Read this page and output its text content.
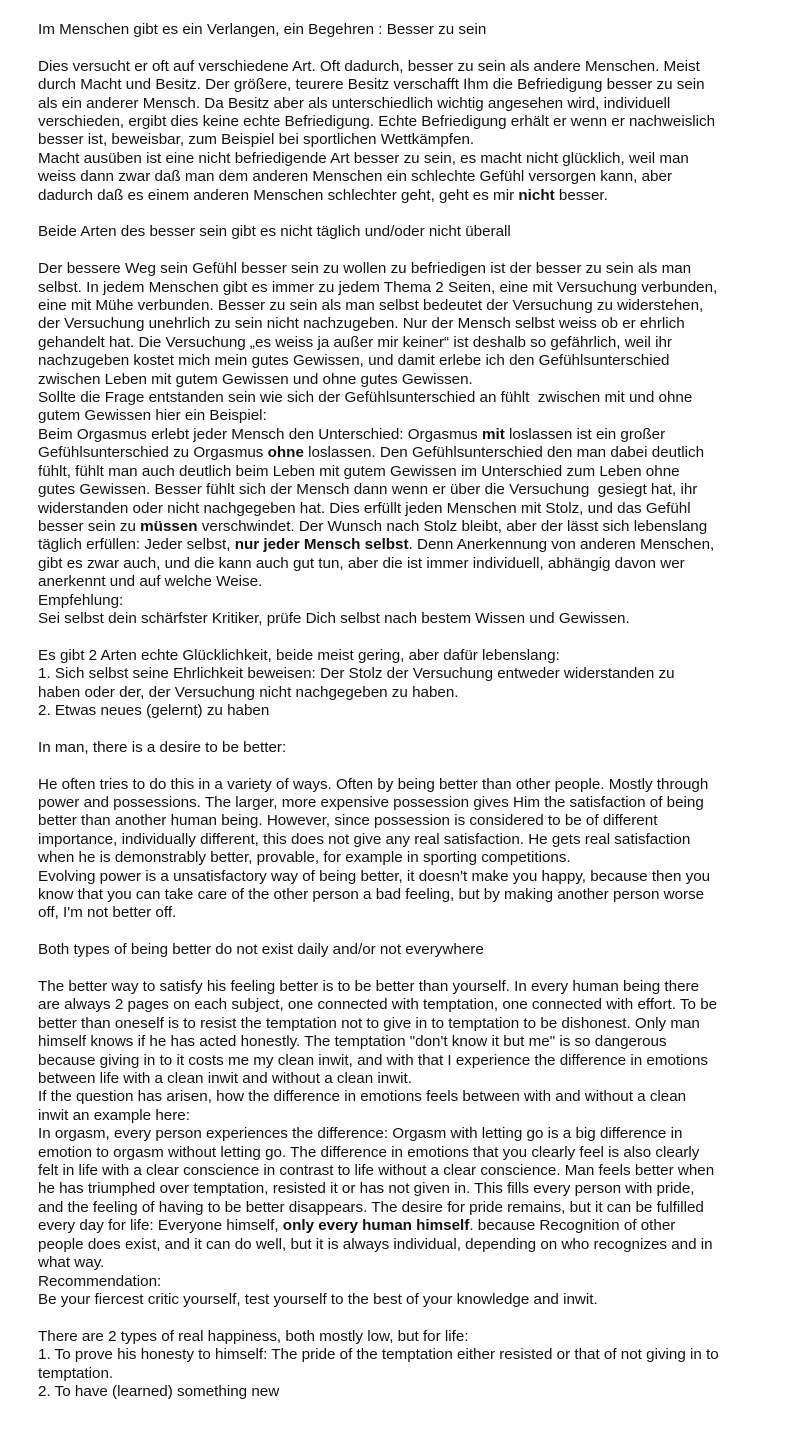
Im Menschen gibt es ein Verlangen, ein Begehren : Besser zu sein
Dies versucht er oft auf verschiedene Art. Oft dadurch, besser zu sein als andere Menschen. Meist
durch Macht und Besitz. Der größere, teurere Besitz verschafft Ihm die Befriedigung besser zu sein
als ein anderer Mensch. Da Besitz aber als unterschiedlich wichtig angesehen wird, individuell
verschieden, ergibt dies keine echte Befriedigung. Echte Befriedigung erhält er wenn er nachweislich
besser ist, beweisbar, zum Beispiel bei sportlichen Wettkämpfen.
Macht ausüben ist eine nicht befriedigende Art besser zu sein, es macht nicht glücklich, weil man
weiss dann zwar daß man dem anderen Menschen ein schlechte Gefühl versorgen kann, aber
dadurch daß es einem anderen Menschen schlechter geht, geht es mir nicht besser.
Beide Arten des besser sein gibt es nicht täglich und/oder nicht überall
Der bessere Weg sein Gefühl besser sein zu wollen zu befriedigen ist der besser zu sein als man
selbst. In jedem Menschen gibt es immer zu jedem Thema 2 Seiten, eine mit Versuchung verbunden,
eine mit Mühe verbunden. Besser zu sein als man selbst bedeutet der Versuchung zu widerstehen,
der Versuchung unehrlich zu sein nicht nachzugeben. Nur der Mensch selbst weiss ob er ehrlich
gehandelt hat. Die Versuchung „es weiss ja außer mir keiner“ ist deshalb so gefährlich, weil ihr
nachzugeben kostet mich mein gutes Gewissen, und damit erlebe ich den Gefühlsunterschied
zwischen Leben mit gutem Gewissen und ohne gutes Gewissen.
Sollte die Frage entstanden sein wie sich der Gefühlsunterschied an fühlt  zwischen mit und ohne
gutem Gewissen hier ein Beispiel:
Beim Orgasmus erlebt jeder Mensch den Unterschied: Orgasmus mit loslassen ist ein großer
Gefühlsunterschied zu Orgasmus ohne loslassen. Den Gefühlsunterschied den man dabei deutlich
fühlt, fühlt man auch deutlich beim Leben mit gutem Gewissen im Unterschied zum Leben ohne
gutes Gewissen. Besser fühlt sich der Mensch dann wenn er über die Versuchung  gesiegt hat, ihr
widerstanden oder nicht nachgegeben hat. Dies erfüllt jeden Menschen mit Stolz, und das Gefühl
besser sein zu müssen verschwindet. Der Wunsch nach Stolz bleibt, aber der lässt sich lebenslang
täglich erfüllen: Jeder selbst, nur jeder Mensch selbst. Denn Anerkennung von anderen Menschen,
gibt es zwar auch, und die kann auch gut tun, aber die ist immer individuell, abhängig davon wer
anerkennt und auf welche Weise.
Empfehlung:
Sei selbst dein schärfster Kritiker, prüfe Dich selbst nach bestem Wissen und Gewissen.
Es gibt 2 Arten echte Glücklichkeit, beide meist gering, aber dafür lebenslang:
1. Sich selbst seine Ehrlichkeit beweisen: Der Stolz der Versuchung entweder widerstanden zu
haben oder der, der Versuchung nicht nachgegeben zu haben.
2. Etwas neues (gelernt) zu haben
In man, there is a desire to be better:
He often tries to do this in a variety of ways. Often by being better than other people. Mostly through
power and possessions. The larger, more expensive possession gives Him the satisfaction of being
better than another human being. However, since possession is considered to be of different
importance, individually different, this does not give any real satisfaction. He gets real satisfaction
when he is demonstrably better, provable, for example in sporting competitions.
Evolving power is a unsatisfactory way of being better, it doesn't make you happy, because then you
know that you can take care of the other person a bad feeling, but by making another person worse
off, I'm not better off.
Both types of being better do not exist daily and/or not everywhere
The better way to satisfy his feeling better is to be better than yourself. In every human being there
are always 2 pages on each subject, one connected with temptation, one connected with effort. To be
better than oneself is to resist the temptation not to give in to temptation to be dishonest. Only man
himself knows if he has acted honestly. The temptation "don't know it but me" is so dangerous
because giving in to it costs me my clean inwit, and with that I experience the difference in emotions
between life with a clean inwit and without a clean inwit.
If the question has arisen, how the difference in emotions feels between with and without a clean
inwit an example here:
In orgasm, every person experiences the difference: Orgasm with letting go is a big difference in
emotion to orgasm without letting go. The difference in emotions that you clearly feel is also clearly
felt in life with a clear conscience in contrast to life without a clear conscience. Man feels better when
he has triumphed over temptation, resisted it or has not given in. This fills every person with pride,
and the feeling of having to be better disappears. The desire for pride remains, but it can be fulfilled
every day for life: Everyone himself, only every human himself. because Recognition of other
people does exist, and it can do well, but it is always individual, depending on who recognizes and in
what way.
Recommendation:
Be your fiercest critic yourself, test yourself to the best of your knowledge and inwit.
There are 2 types of real happiness, both mostly low, but for life:
1. To prove his honesty to himself: The pride of the temptation either resisted or that of not giving in to
temptation.
2. To have (learned) something new
